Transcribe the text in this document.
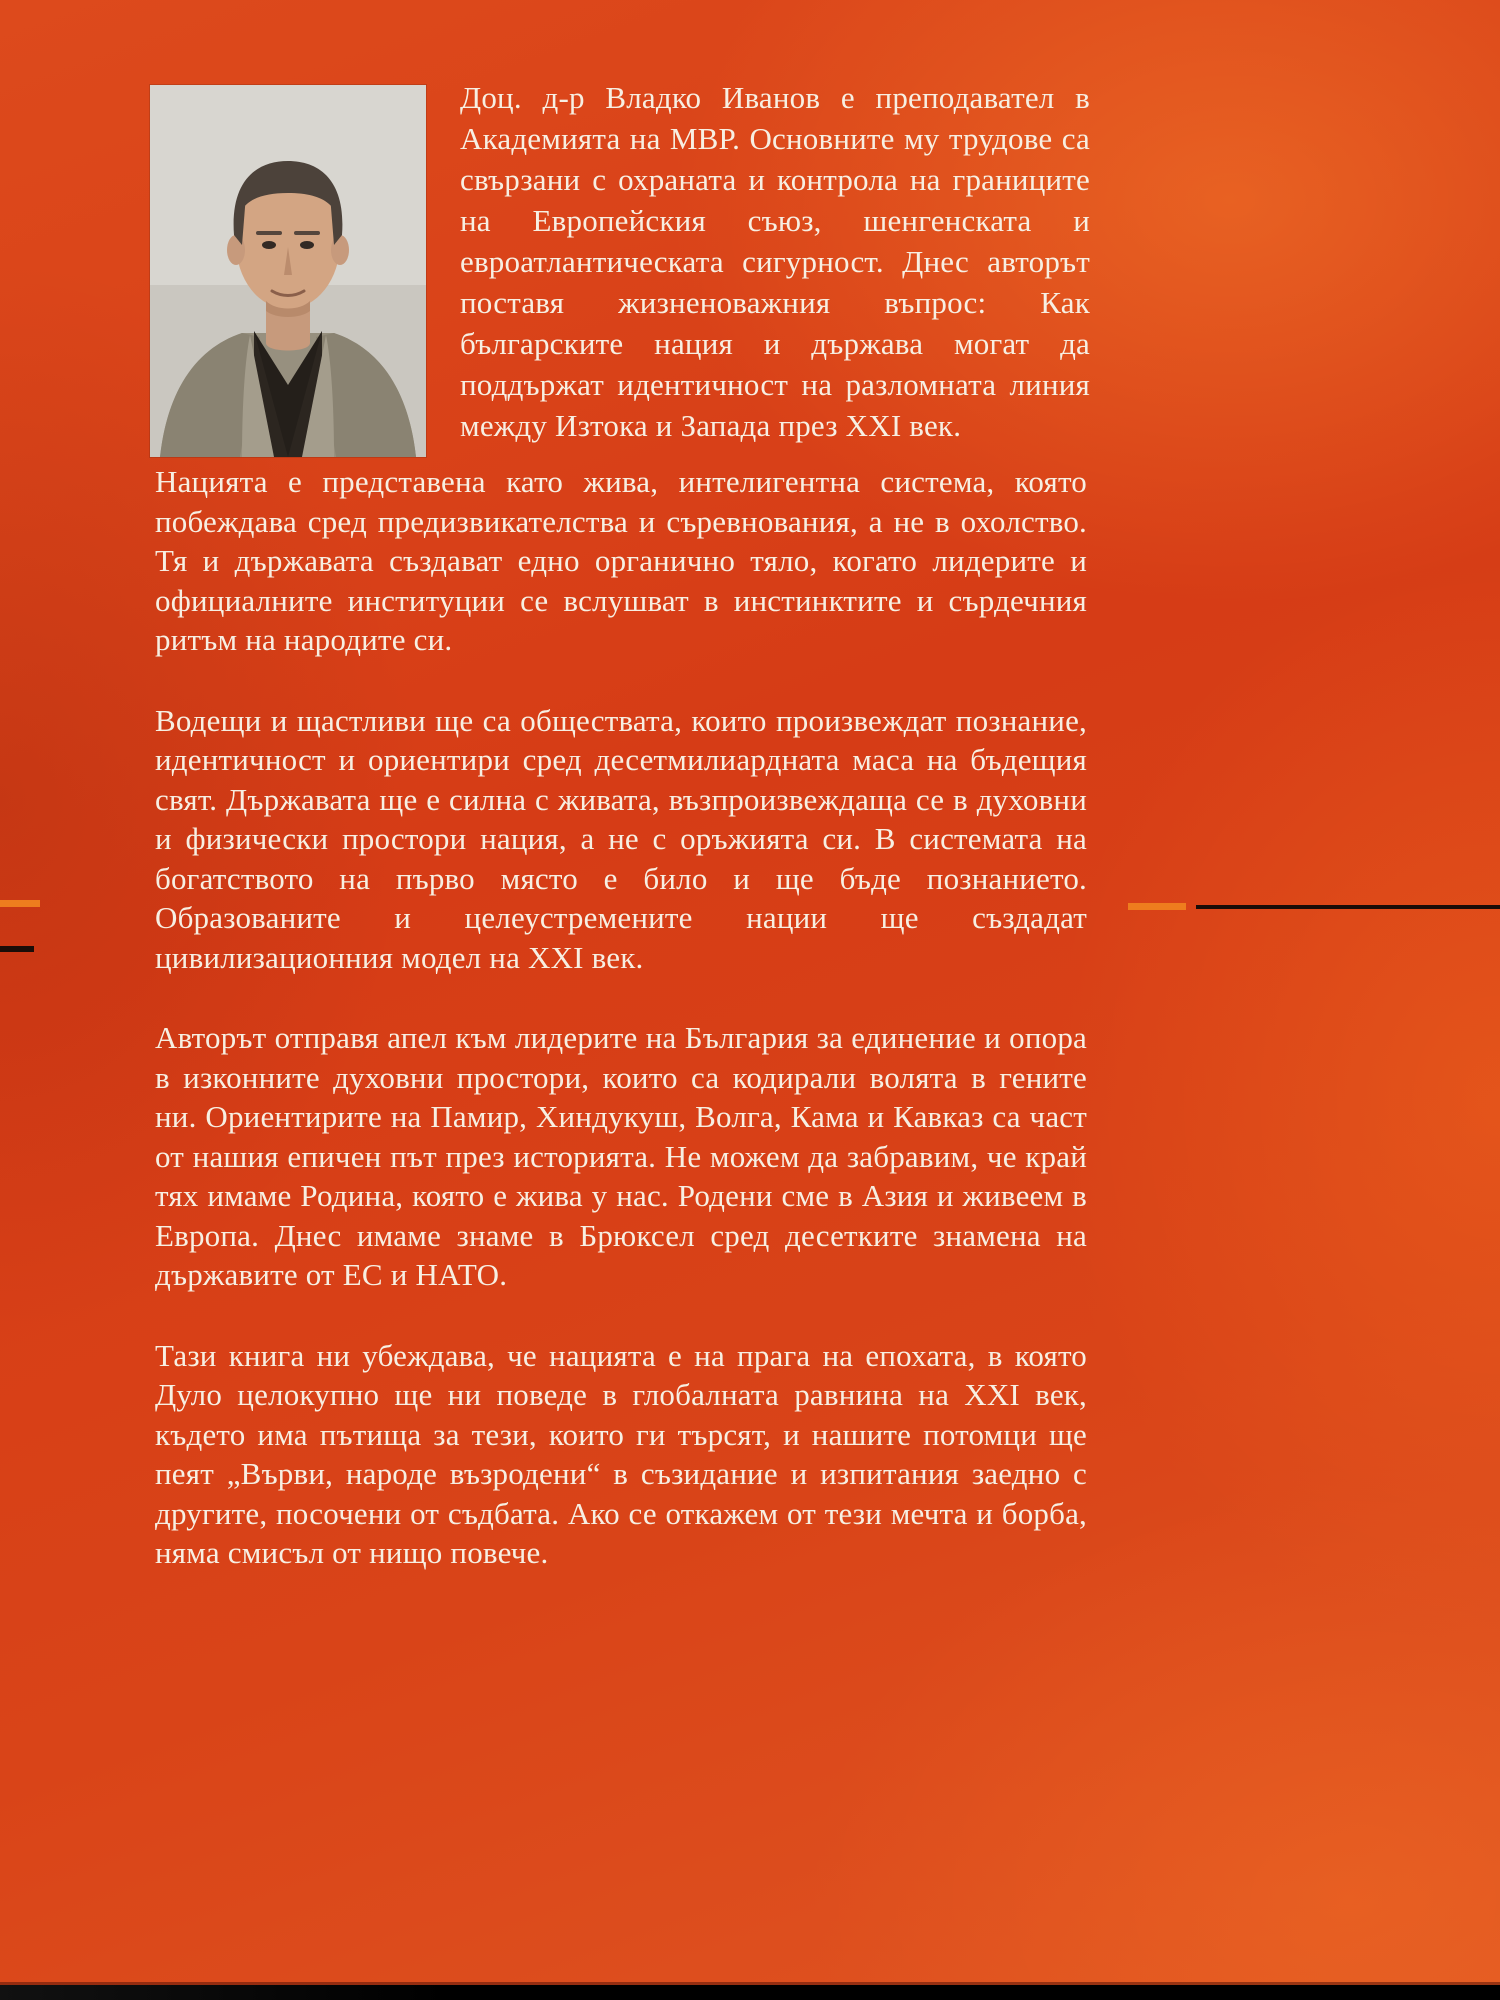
Доц. д-р Владко Иванов е преподавател в Академията на МВР. Основните му трудове са свързани с охраната и контрола на границите на Европейския съюз, шенгенската и евроатлантическата сигурност. Днес авторът поставя жизненоважния въпрос: Как българските нация и държава могат да поддържат идентичност на разломната линия между Изтока и Запада през XXI век.

Нацията е представена като жива, интелигентна система, която побеждава сред предизвикателства и съревнования, а не в охолство. Тя и държавата създават едно органично тяло, когато лидерите и официалните институции се вслушват в инстинктите и сърдечния ритъм на народите си.

Водещи и щастливи ще са обществата, които произвеждат познание, идентичност и ориентири сред десетмилиардната маса на бъдещия свят. Държавата ще е силна с живата, възпроизвеждаща се в духовни и физически простори нация, а не с оръжията си. В системата на богатството на първо място е било и ще бъде познанието. Образованите и целеустремените нации ще създадат цивилизационния модел на XXI век.

Авторът отправя апел към лидерите на България за единение и опора в изконните духовни простори, които са кодирали волята в гените ни. Ориентирите на Памир, Хиндукуш, Волга, Кама и Кавказ са част от нашия епичен път през историята. Не можем да забравим, че край тях имаме Родина, която е жива у нас. Родени сме в Азия и живеем в Европа. Днес имаме знаме в Брюксел сред десетките знамена на държавите от ЕС и НАТО.

Тази книга ни убеждава, че нацията е на прага на епохата, в която Дуло целокупно ще ни поведе в глобалната равнина на XXI век, където има пътища за тези, които ги търсят, и нашите потомци ще пеят „Върви, народе възродени“ в съзидание и изпитания заедно с другите, посочени от съдбата. Ако се откажем от тези мечта и борба, няма смисъл от нищо повече.
